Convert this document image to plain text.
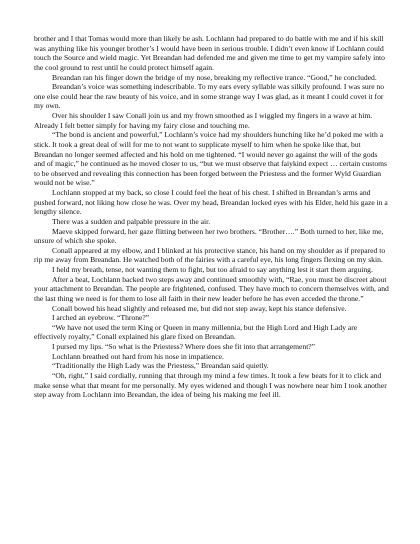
brother and I that Tomas would more than likely be ash. Lochlann had prepared to do battle with me and if his skill was anything like his younger brother’s I would have been in serious trouble. I didn’t even know if Lochlann could touch the Source and wield magic. Yet Breandan had defended me and given me time to get my vampire safely into the cool ground to rest until he could protect himself again.

Breandan ran his finger down the bridge of my nose, breaking my reflective trance. “Good,” he concluded.

Breandan’s voice was something indescribable. To my ears every syllable was silkily profound. I was sure no one else could hear the raw beauty of his voice, and in some strange way I was glad, as it meant I could covet it for my own.

Over his shoulder I saw Conall join us and my frown smoothed as I wiggled my fingers in a wave at him. Already I felt better simply for having my fairy close and touching me.

“The bond is ancient and powerful,” Lochlann’s voice had my shoulders hunching like he’d poked me with a stick. It took a great deal of will for me to not want to supplicate myself to him when he spoke like that, but Breandan no longer seemed affected and his hold on me tightened. “I would never go against the will of the gods and of magic,” he continued as he moved closer to us, “but we must observe that faiykind expect … certain customs to be observed and revealing this connection has been forged between the Priestess and the former Wyld Guardian would not be wise.”

Lochlann stopped at my back, so close I could feel the heat of his chest. I shifted in Breandan’s arms and pushed forward, not liking how close he was. Over my head, Breandan locked eyes with his Elder, held his gaze in a lengthy silence.

There was a sudden and palpable pressure in the air.

Maeve skipped forward, her gaze flitting between her two brothers. “Brother….” Both turned to her, like me, unsure of which she spoke.

Conall appeared at my elbow, and I blinked at his protective stance, his hand on my shoulder as if prepared to rip me away from Breandan. He watched both of the fairies with a careful eye, his long fingers flexing on my skin.

I held my breath, tense, not wanting them to fight, but too afraid to say anything lest it start them arguing.

After a beat, Lochlann backed two steps away and continued smoothly with, “Rae, you must be discreet about your attachment to Breandan. The people are frightened, confused. They have much to concern themselves with, and the last thing we need is for them to lose all faith in their new leader before he has even acceded the throne.”

Conall bowed his head slightly and released me, but did not step away, kept his stance defensive.

I arched an eyebrow. “Throne?”

“We have not used the term King or Queen in many millennia, but the High Lord and High Lady are effectively royalty,” Conall explained his glare fixed on Breandan.

I pursed my lips. “So what is the Priestess? Where does she fit into that arrangement?”

Lochlann breathed out hard from his nose in impatience.

“Traditionally the High Lady was the Priestess,” Breandan said quietly.

“Oh, right,” I said cordially, running that through my mind a few times. It took a few beats for it to click and make sense what that meant for me personally. My eyes widened and though I was nowhere near him I took another step away from Lochlann into Breandan, the idea of being his making me feel ill.
